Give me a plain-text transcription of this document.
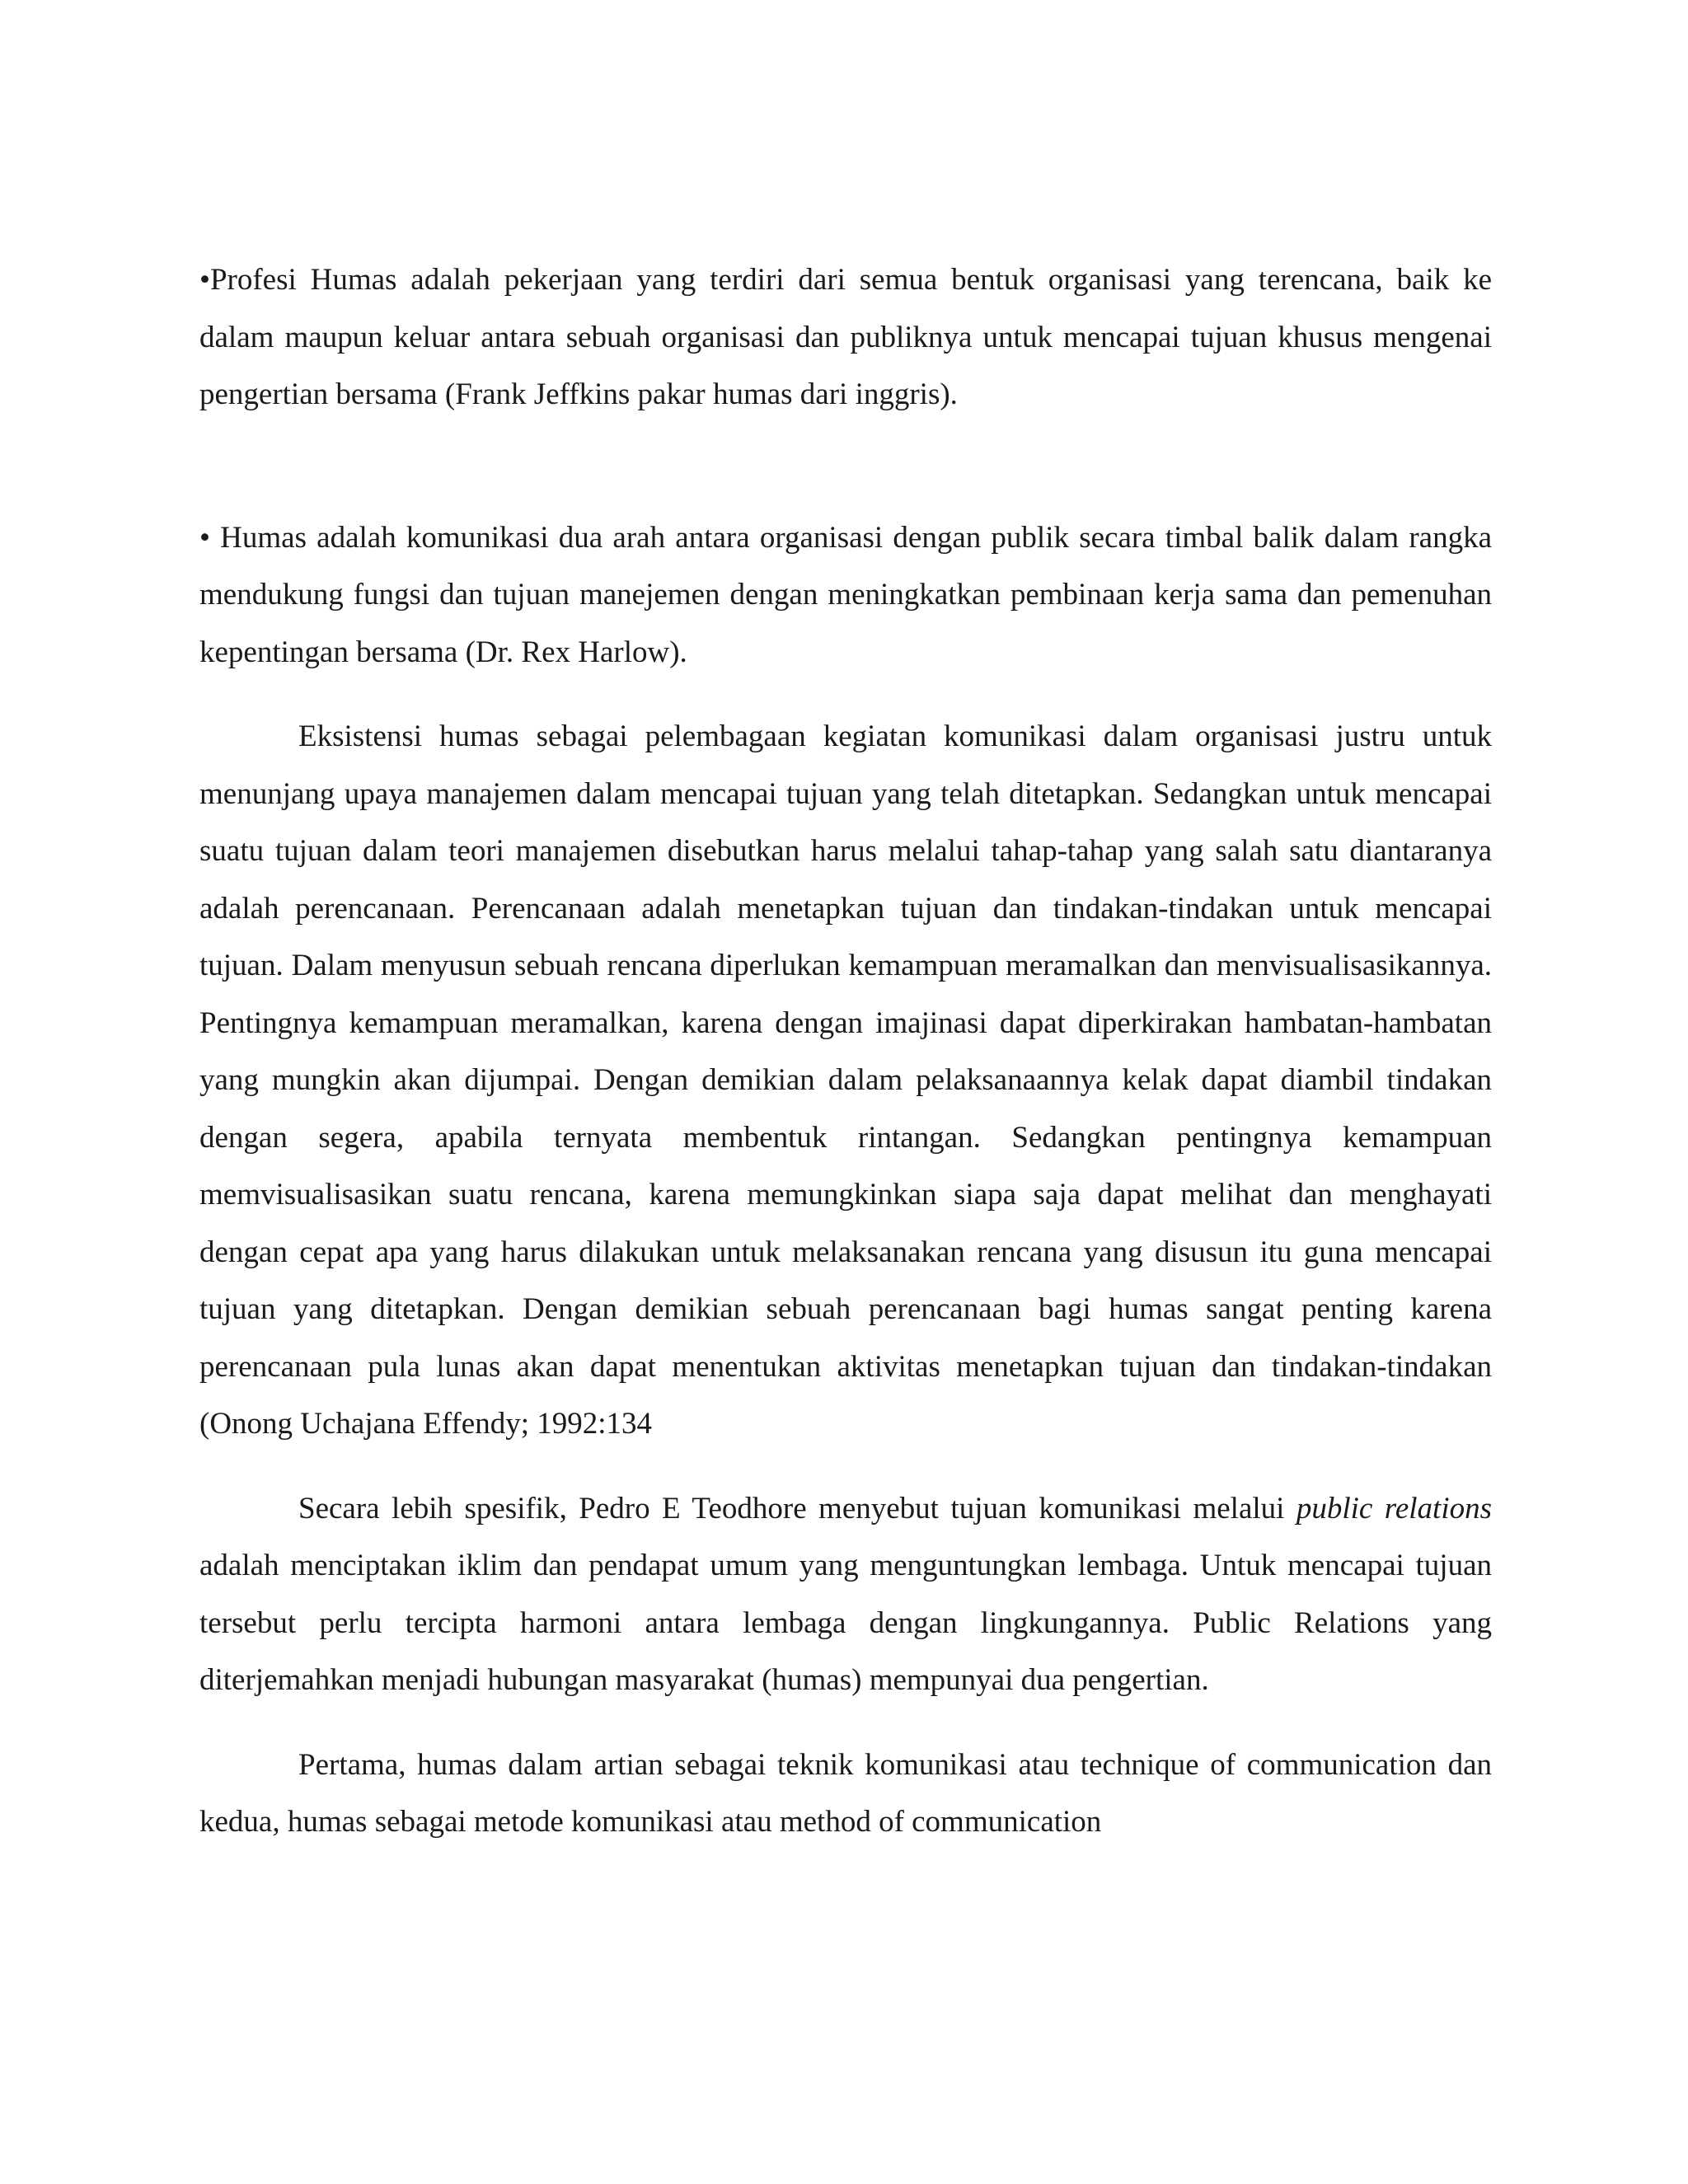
•Profesi Humas adalah pekerjaan yang terdiri dari semua bentuk organisasi yang terencana, baik ke dalam maupun keluar antara sebuah organisasi dan publiknya untuk mencapai tujuan khusus mengenai pengertian bersama (Frank Jeffkins pakar humas dari inggris).

• Humas adalah komunikasi dua arah antara organisasi dengan publik secara timbal balik dalam rangka mendukung fungsi dan tujuan manejemen dengan meningkatkan pembinaan kerja sama dan pemenuhan kepentingan bersama (Dr. Rex Harlow).

Eksistensi humas sebagai pelembagaan kegiatan komunikasi dalam organisasi justru untuk menunjang upaya manajemen dalam mencapai tujuan yang telah ditetapkan. Sedangkan untuk mencapai suatu tujuan dalam teori manajemen disebutkan harus melalui tahap-tahap yang salah satu diantaranya adalah perencanaan. Perencanaan adalah menetapkan tujuan dan tindakan-tindakan untuk mencapai tujuan. Dalam menyusun sebuah rencana diperlukan kemampuan meramalkan dan menvisualisasikannya. Pentingnya kemampuan meramalkan, karena dengan imajinasi dapat diperkirakan hambatan-hambatan yang mungkin akan dijumpai. Dengan demikian dalam pelaksanaannya kelak dapat diambil tindakan dengan segera, apabila ternyata membentuk rintangan. Sedangkan pentingnya kemampuan memvisualisasikan suatu rencana, karena memungkinkan siapa saja dapat melihat dan menghayati dengan cepat apa yang harus dilakukan untuk melaksanakan rencana yang disusun itu guna mencapai tujuan yang ditetapkan. Dengan demikian sebuah perencanaan bagi humas sangat penting karena perencanaan pula lunas akan dapat menentukan aktivitas menetapkan tujuan dan tindakan-tindakan (Onong Uchajana Effendy; 1992:134

Secara lebih spesifik, Pedro E Teodhore menyebut tujuan komunikasi melalui public relations adalah menciptakan iklim dan pendapat umum yang menguntungkan lembaga. Untuk mencapai tujuan tersebut perlu tercipta harmoni antara lembaga dengan lingkungannya. Public Relations yang diterjemahkan menjadi hubungan masyarakat (humas) mempunyai dua pengertian.

Pertama, humas dalam artian sebagai teknik komunikasi atau technique of communication dan kedua, humas sebagai metode komunikasi atau method of communication
